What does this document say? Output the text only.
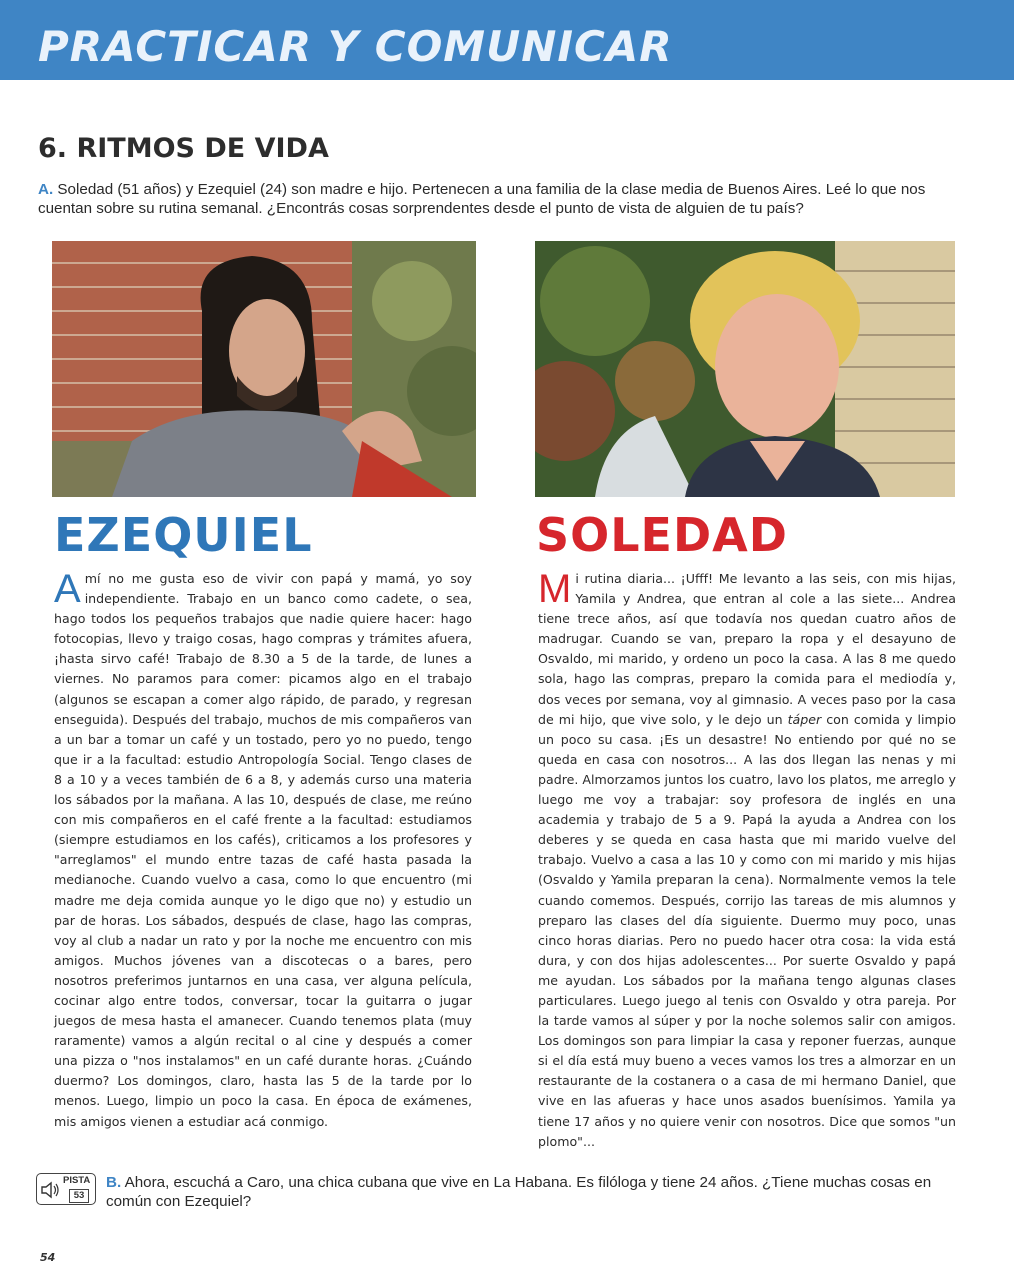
PRACTICAR Y COMUNICAR
6. RITMOS DE VIDA
A. Soledad (51 años) y Ezequiel (24) son madre e hijo. Pertenecen a una familia de la clase media de Buenos Aires. Leé lo que nos cuentan sobre su rutina semanal. ¿Encontrás cosas sorprendentes desde el punto de vista de alguien de tu país?
EZEQUIEL	SOLEDAD
Amí no me gusta eso de vivir con papá y mamá, yo soy independiente. Trabajo en un banco como cadete, o sea, hago todos los pequeños trabajos que nadie quiere hacer: hago fotocopias, llevo y traigo cosas, hago compras y trámites afuera, ¡hasta sirvo café! Trabajo de 8.30 a 5 de la tarde, de lunes a viernes. No paramos para comer: picamos algo en el trabajo (algunos se escapan a comer algo rápido, de parado, y regresan enseguida). Después del trabajo, muchos de mis compañeros van a un bar a tomar un café y un tostado, pero yo no puedo, tengo que ir a la facultad: estudio Antropología Social. Tengo clases de 8 a 10 y a veces también de 6 a 8, y además curso una materia los sábados por la mañana. A las 10, después de clase, me reúno con mis compañeros en el café frente a la facultad: estudiamos (siempre estudiamos en los cafés), criticamos a los profesores y "arreglamos" el mundo entre tazas de café hasta pasada la medianoche. Cuando vuelvo a casa, como lo que encuentro (mi madre me deja comida aunque yo le digo que no) y estudio un par de horas. Los sábados, después de clase, hago las compras, voy al club a nadar un rato y por la noche me encuentro con mis amigos. Muchos jóvenes van a discotecas o a bares, pero nosotros preferimos juntarnos en una casa, ver alguna película, cocinar algo entre todos, conversar, tocar la guitarra o jugar juegos de mesa hasta el amanecer. Cuando tenemos plata (muy raramente) vamos a algún recital o al cine y después a comer una pizza o "nos instalamos" en un café durante horas. ¿Cuándo duermo? Los domingos, claro, hasta las 5 de la tarde por lo menos. Luego, limpio un poco la casa. En época de exámenes, mis amigos vienen a estudiar acá conmigo.
Mi rutina diaria... ¡Ufff! Me levanto a las seis, con mis hijas, Yamila y Andrea, que entran al cole a las siete... Andrea tiene trece años, así que todavía nos quedan cuatro años de madrugar. Cuando se van, preparo la ropa y el desayuno de Osvaldo, mi marido, y ordeno un poco la casa. A las 8 me quedo sola, hago las compras, preparo la comida para el mediodía y, dos veces por semana, voy al gimnasio. A veces paso por la casa de mi hijo, que vive solo, y le dejo un táper con comida y limpio un poco su casa. ¡Es un desastre! No entiendo por qué no se queda en casa con nosotros... A las dos llegan las nenas y mi padre. Almorzamos juntos los cuatro, lavo los platos, me arreglo y luego me voy a trabajar: soy profesora de inglés en una academia y trabajo de 5 a 9. Papá la ayuda a Andrea con los deberes y se queda en casa hasta que mi marido vuelve del trabajo. Vuelvo a casa a las 10 y como con mi marido y mis hijas (Osvaldo y Yamila preparan la cena). Normalmente vemos la tele cuando comemos. Después, corrijo las tareas de mis alumnos y preparo las clases del día siguiente. Duermo muy poco, unas cinco horas diarias. Pero no puedo hacer otra cosa: la vida está dura, y con dos hijas adolescentes... Por suerte Osvaldo y papá me ayudan. Los sábados por la mañana tengo algunas clases particulares. Luego juego al tenis con Osvaldo y otra pareja. Por la tarde vamos al súper y por la noche solemos salir con amigos. Los domingos son para limpiar la casa y reponer fuerzas, aunque si el día está muy bueno a veces vamos los tres a almorzar en un restaurante de la costanera o a casa de mi hermano Daniel, que vive en las afueras y hace unos asados buenísimos. Yamila ya tiene 17 años y no quiere venir con nosotros. Dice que somos "un plomo"...
PISTA
53
B. Ahora, escuchá a Caro, una chica cubana que vive en La Habana. Es filóloga y tiene 24 años. ¿Tiene muchas cosas en común con Ezequiel?
54
